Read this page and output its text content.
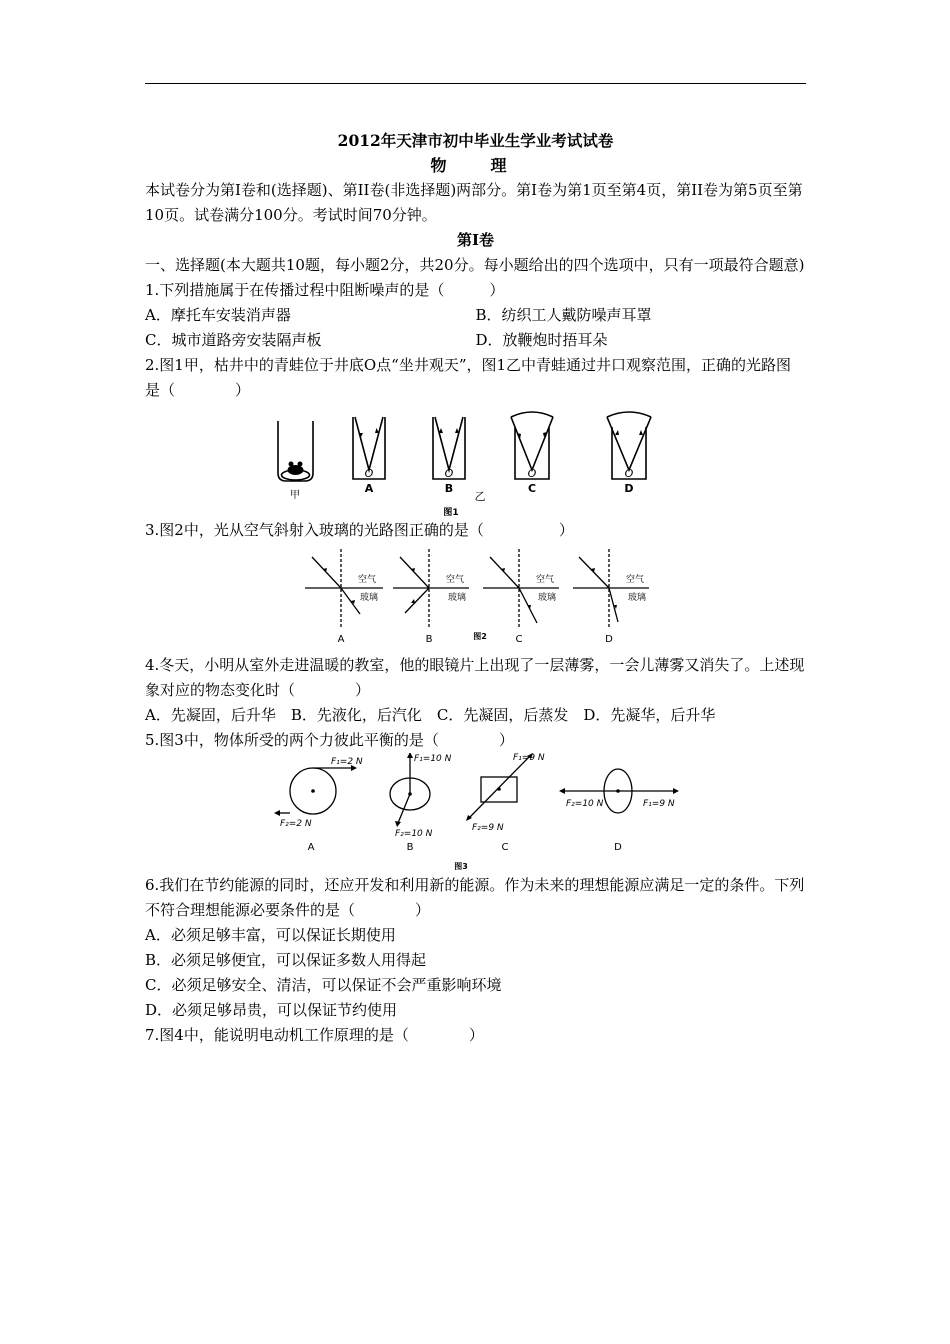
2012年天津市初中毕业生学业考试试卷

物　理

本试卷分为第I卷和(选择题)、第II卷(非选择题)两部分。第I卷为第1页至第4页，第II卷为第5页至第10页。试卷满分100分。考试时间70分钟。

第I卷

一、选择题(本大题共10题，每小题2分，共20分。每小题给出的四个选项中，只有一项最符合题意)

1.下列措施属于在传播过程中阻断噪声的是（　　　）

A．摩托车安装消声器	B．纺织工人戴防噪声耳罩
C．城市道路旁安装隔声板	D．放鞭炮时捂耳朵

2.图1甲，枯井中的青蛙位于井底O点“坐井观天”，图1乙中青蛙通过井口观察范围，正确的光路图是（　　　　）

O	O	O	O
甲
A	B
乙
C	D
图1

3.图2中，光从空气斜射入玻璃的光路图正确的是（　　　　　）

空气
玻璃
空气
玻璃
空气
玻璃
空气
玻璃
A	B	C	D
图2

4.冬天，小明从室外走进温暖的教室，他的眼镜片上出现了一层薄雾，一会儿薄雾又消失了。上述现象对应的物态变化时（　　　　）

A．先凝固，后升华　B．先液化，后汽化　C．先凝固，后蒸发　D．先凝华，后升华

5.图3中，物体所受的两个力彼此平衡的是（　　　　）

F₁=2 N
F₂=2 N
F₁=10 N
F₂=10 N
F₁=9 N
F₂=9 N
F₂=10 N	F₁=9 N
A	B	C	D
图3

6.我们在节约能源的同时，还应开发和利用新的能源。作为未来的理想能源应满足一定的条件。下列不符合理想能源必要条件的是（　　　　）

A．必须足够丰富，可以保证长期使用

B．必须足够便宜，可以保证多数人用得起

C．必须足够安全、清洁，可以保证不会严重影响环境

D．必须足够昂贵，可以保证节约使用

7.图4中，能说明电动机工作原理的是（　　　　）
